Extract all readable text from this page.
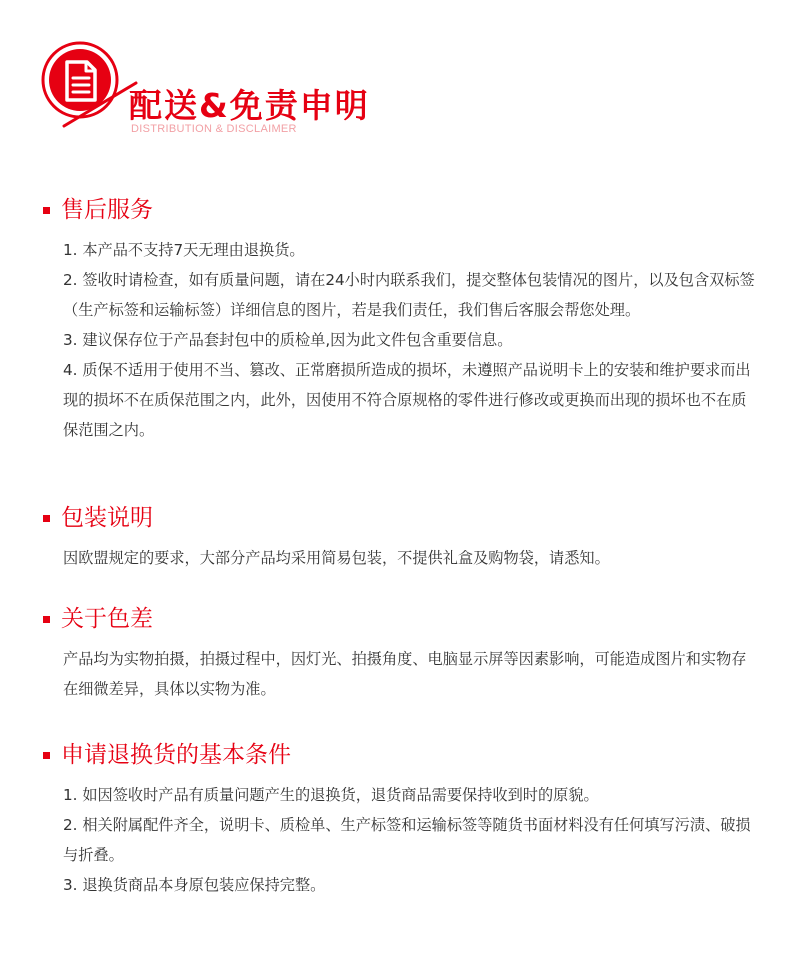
配送&免责申明
DISTRIBUTION & DISCLAIMER
售后服务

1. 本产品不支持7天无理由退换货。

2. 签收时请检查，如有质量问题，请在24小时内联系我们，提交整体包装情况的图片，以及包含双标签（生产标签和运输标签）详细信息的图片，若是我们责任，我们售后客服会帮您处理。

3. 建议保存位于产品套封包中的质检单,因为此文件包含重要信息。

4. 质保不适用于使用不当、篡改、正常磨损所造成的损坏，未遵照产品说明卡上的安装和维护要求而出现的损坏不在质保范围之内，此外，因使用不符合原规格的零件进行修改或更换而出现的损坏也不在质保范围之内。

包装说明

因欧盟规定的要求，大部分产品均采用简易包装，不提供礼盒及购物袋，请悉知。

关于色差

产品均为实物拍摄，拍摄过程中，因灯光、拍摄角度、电脑显示屏等因素影响，可能造成图片和实物存在细微差异，具体以实物为准。

申请退换货的基本条件

1. 如因签收时产品有质量问题产生的退换货，退货商品需要保持收到时的原貌。

2. 相关附属配件齐全，说明卡、质检单、生产标签和运输标签等随货书面材料没有任何填写污渍、破损与折叠。

3. 退换货商品本身原包装应保持完整。
